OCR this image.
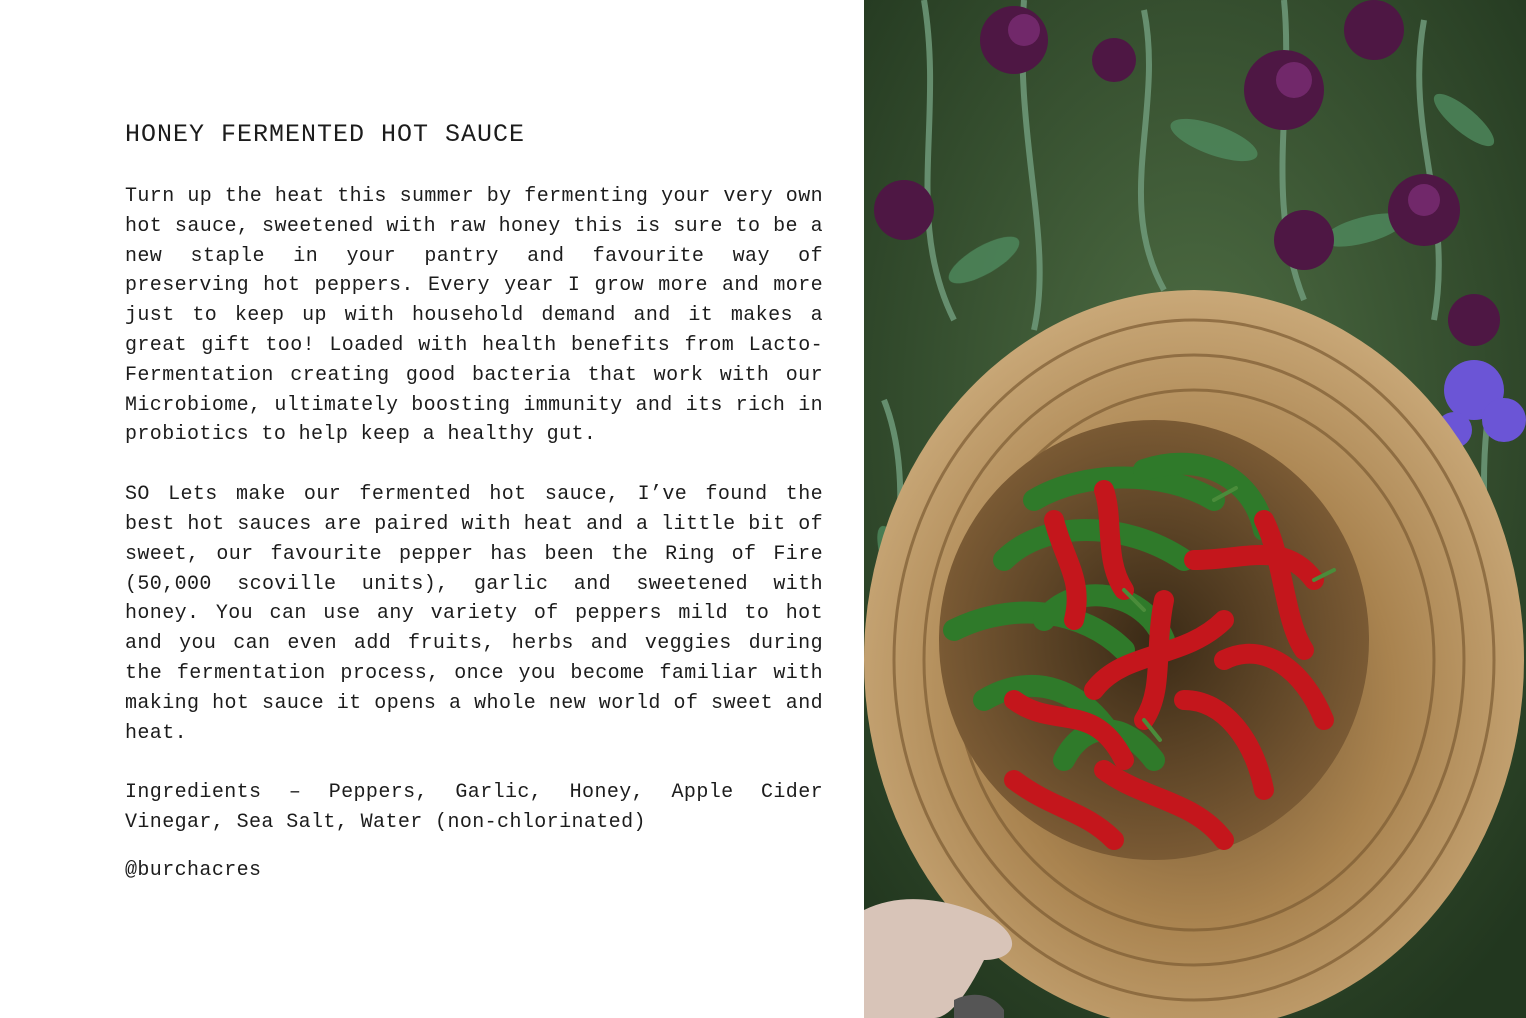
HONEY FERMENTED HOT SAUCE

Turn up the heat this summer by fermenting your very own hot sauce, sweetened with raw honey this is sure to be a new staple in your pantry and favourite way of preserving hot peppers. Every year I grow more and more just to keep up with household demand and it makes a great gift too! Loaded with health benefits from Lacto-Fermentation creating good bacteria that work with our Microbiome, ultimately boosting immunity and its rich in probiotics to help keep a healthy gut.

SO Lets make our fermented hot sauce, I’ve found the best hot sauces are paired with heat and a little bit of sweet, our favourite pepper has been the Ring of Fire (50,000 scoville units), garlic and sweetened with honey. You can use any variety of peppers mild to hot and you can even add fruits, herbs and veggies during the fermentation process, once you become familiar with making hot sauce it opens a whole new world of sweet and heat.

Ingredients – Peppers, Garlic, Honey, Apple Cider Vinegar, Sea Salt, Water (non-chlorinated)

@burchacres
